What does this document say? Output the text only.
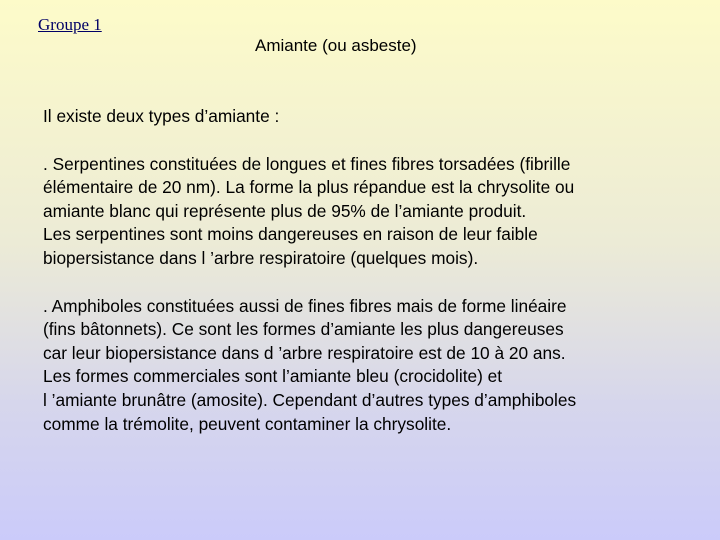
Groupe 1
Amiante (ou asbeste)

Il existe deux types d’amiante :

. Serpentines constituées de longues et fines fibres torsadées (fibrille
élémentaire de 20 nm). La forme la plus répandue est la chrysolite ou
amiante blanc qui représente plus de 95% de l’amiante produit.
Les serpentines sont moins dangereuses en raison de leur faible
biopersistance dans l ’arbre respiratoire (quelques mois).

. Amphiboles constituées aussi de fines fibres mais de forme linéaire
(fins bâtonnets). Ce sont les formes d’amiante les plus dangereuses
car leur biopersistance dans d ’arbre respiratoire est de 10 à 20 ans.
Les formes commerciales sont l’amiante bleu (crocidolite) et
l ’amiante brunâtre (amosite). Cependant d’autres types d’amphiboles
comme la trémolite, peuvent contaminer la chrysolite.
